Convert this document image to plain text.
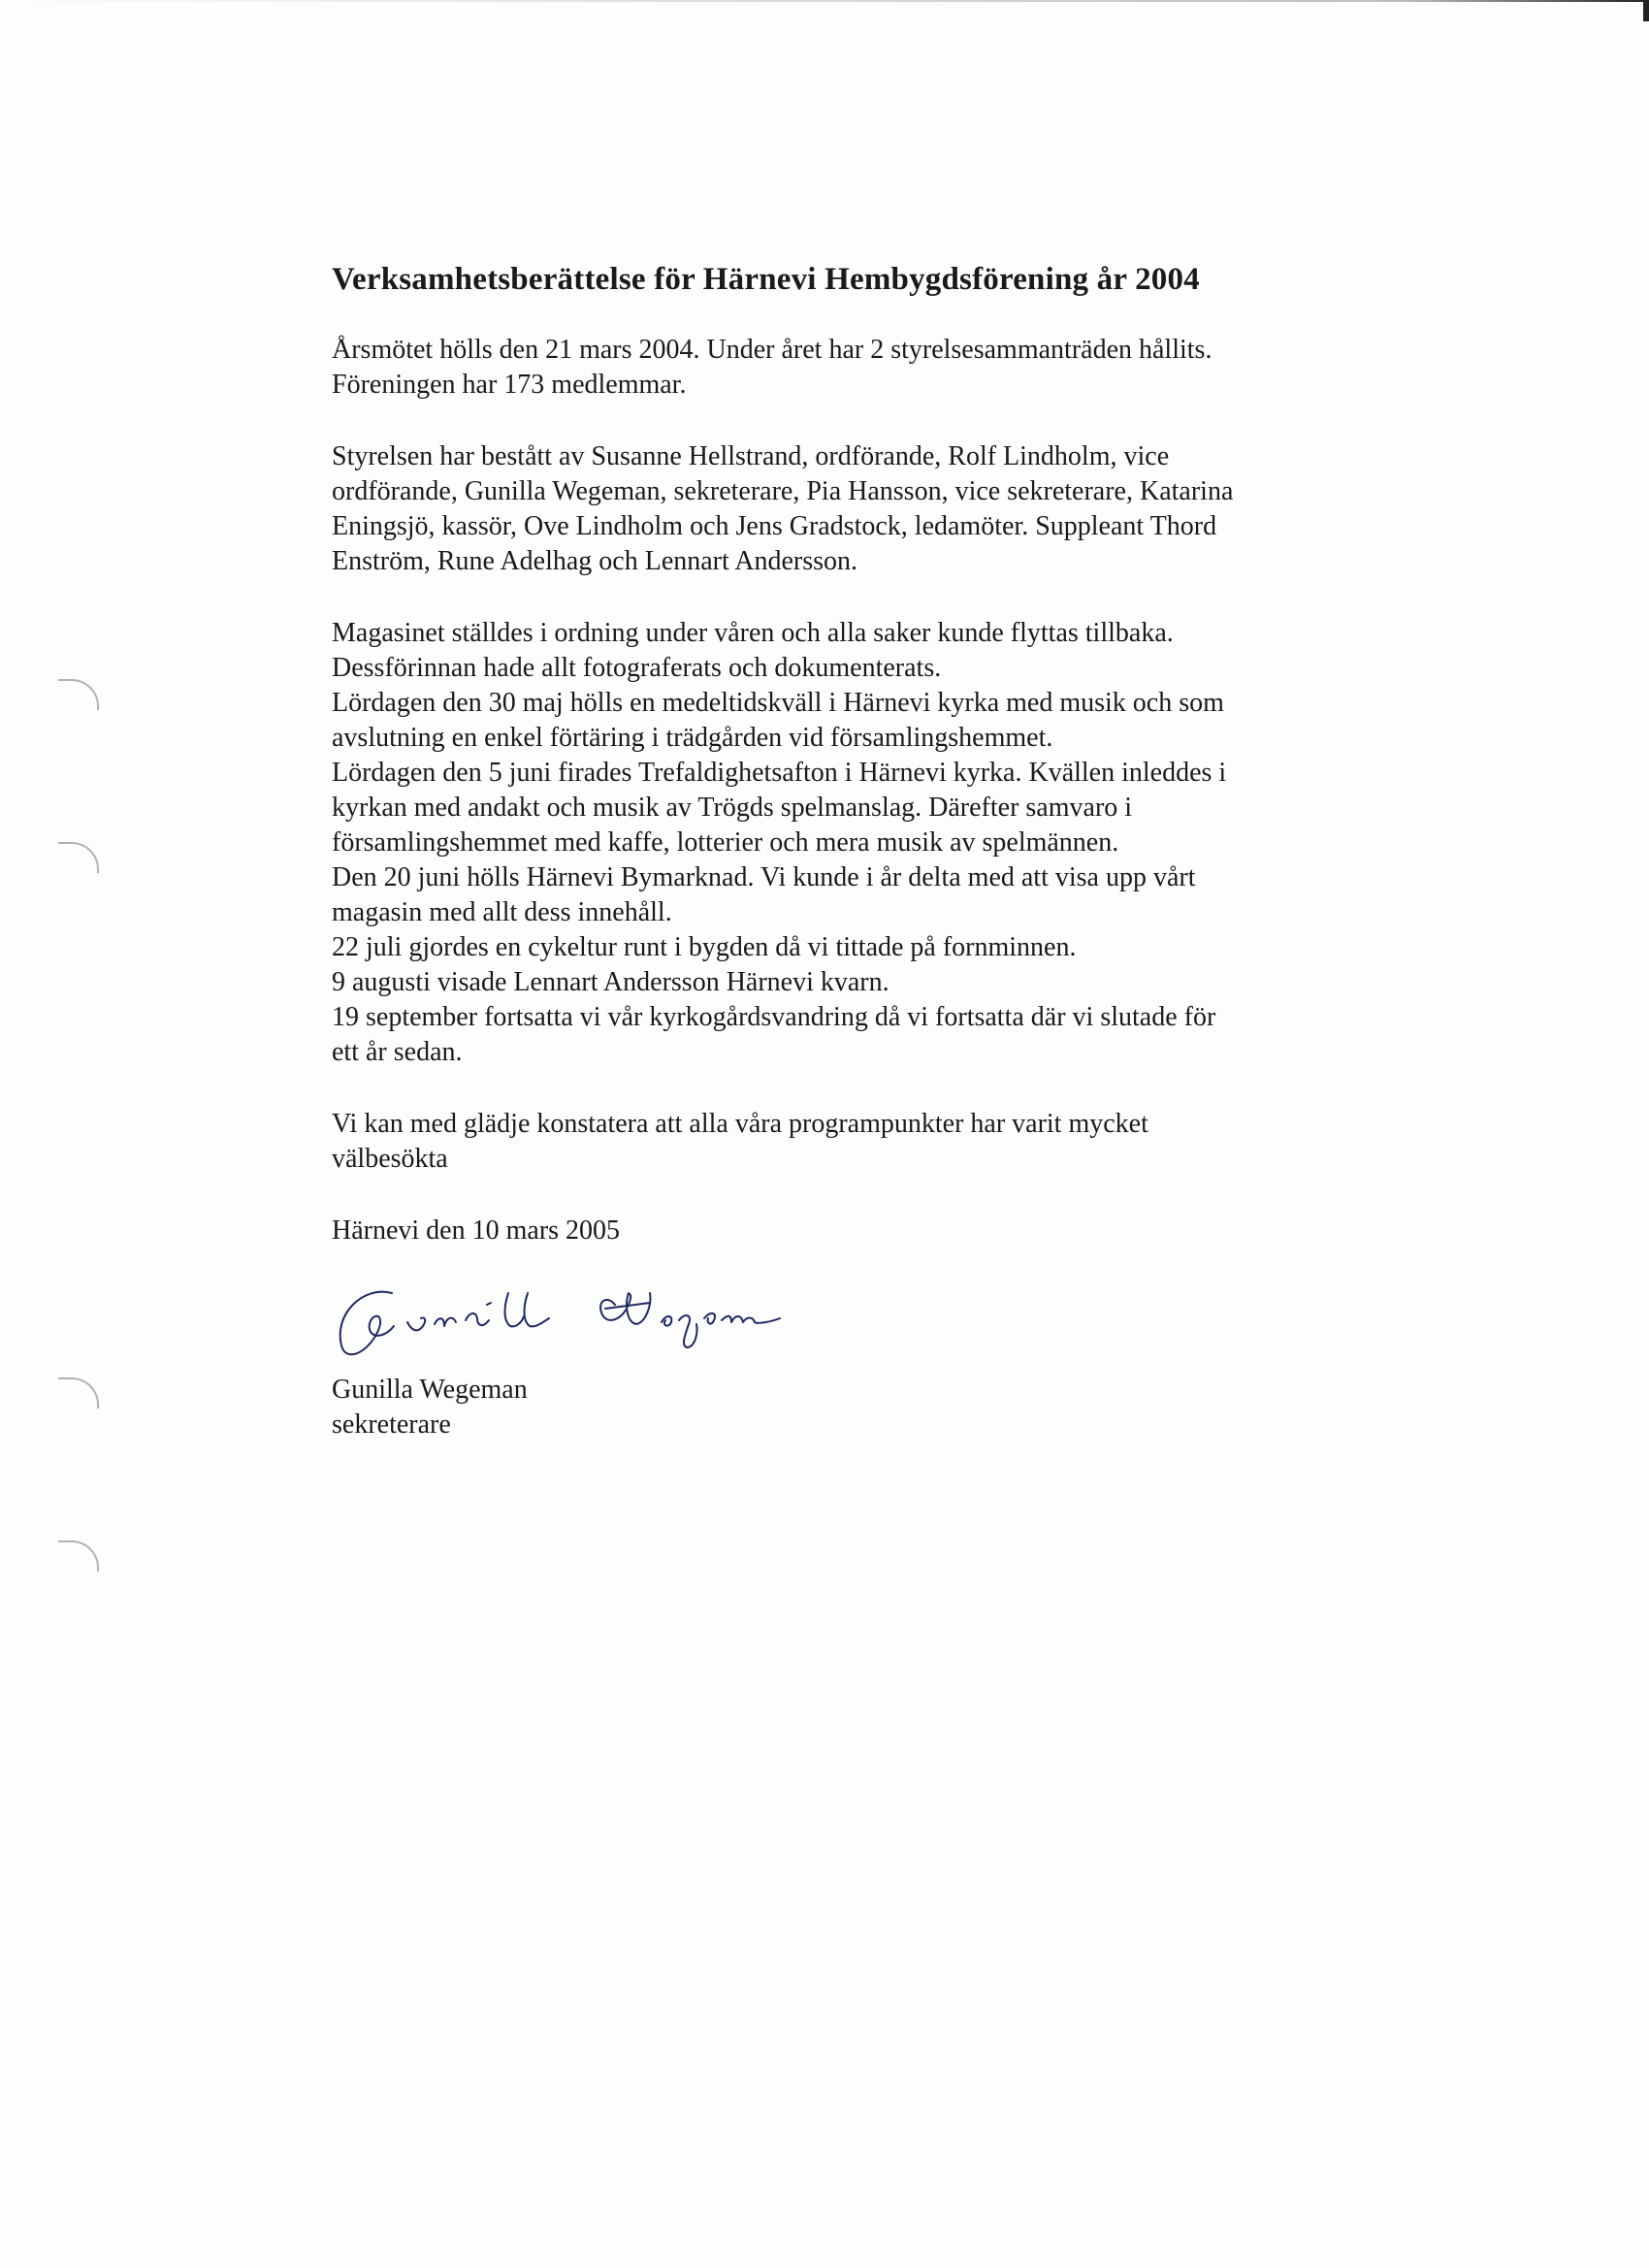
Verksamhetsberättelse för Härnevi Hembygdsförening år 2004

Årsmötet hölls den 21 mars 2004. Under året har 2 styrelsesammanträden hållits.
Föreningen har 173 medlemmar.

Styrelsen har bestått av Susanne Hellstrand, ordförande, Rolf Lindholm, vice
ordförande, Gunilla Wegeman, sekreterare, Pia Hansson, vice sekreterare, Katarina
Eningsjö, kassör, Ove Lindholm och Jens Gradstock, ledamöter. Suppleant Thord
Enström, Rune Adelhag och Lennart Andersson.

Magasinet ställdes i ordning under våren och alla saker kunde flyttas tillbaka.
Dessförinnan hade allt fotograferats och dokumenterats.
Lördagen den 30 maj hölls en medeltidskväll i Härnevi kyrka med musik och som
avslutning en enkel förtäring i trädgården vid församlingshemmet.
Lördagen den 5 juni firades Trefaldighetsafton i Härnevi kyrka. Kvällen inleddes i
kyrkan med andakt och musik av Trögds spelmanslag. Därefter samvaro i
församlingshemmet med kaffe, lotterier och mera musik av spelmännen.
Den 20 juni hölls Härnevi Bymarknad. Vi kunde i år delta med att visa upp vårt
magasin med allt dess innehåll.
22 juli gjordes en cykeltur runt i bygden då vi tittade på fornminnen.
9 augusti visade Lennart Andersson Härnevi kvarn.
19 september fortsatta vi vår kyrkogårdsvandring då vi fortsatta där vi slutade för
ett år sedan.

Vi kan med glädje konstatera att alla våra programpunkter har varit mycket
välbesökta

Härnevi den 10 mars 2005
Gunilla Wegeman
sekreterare
